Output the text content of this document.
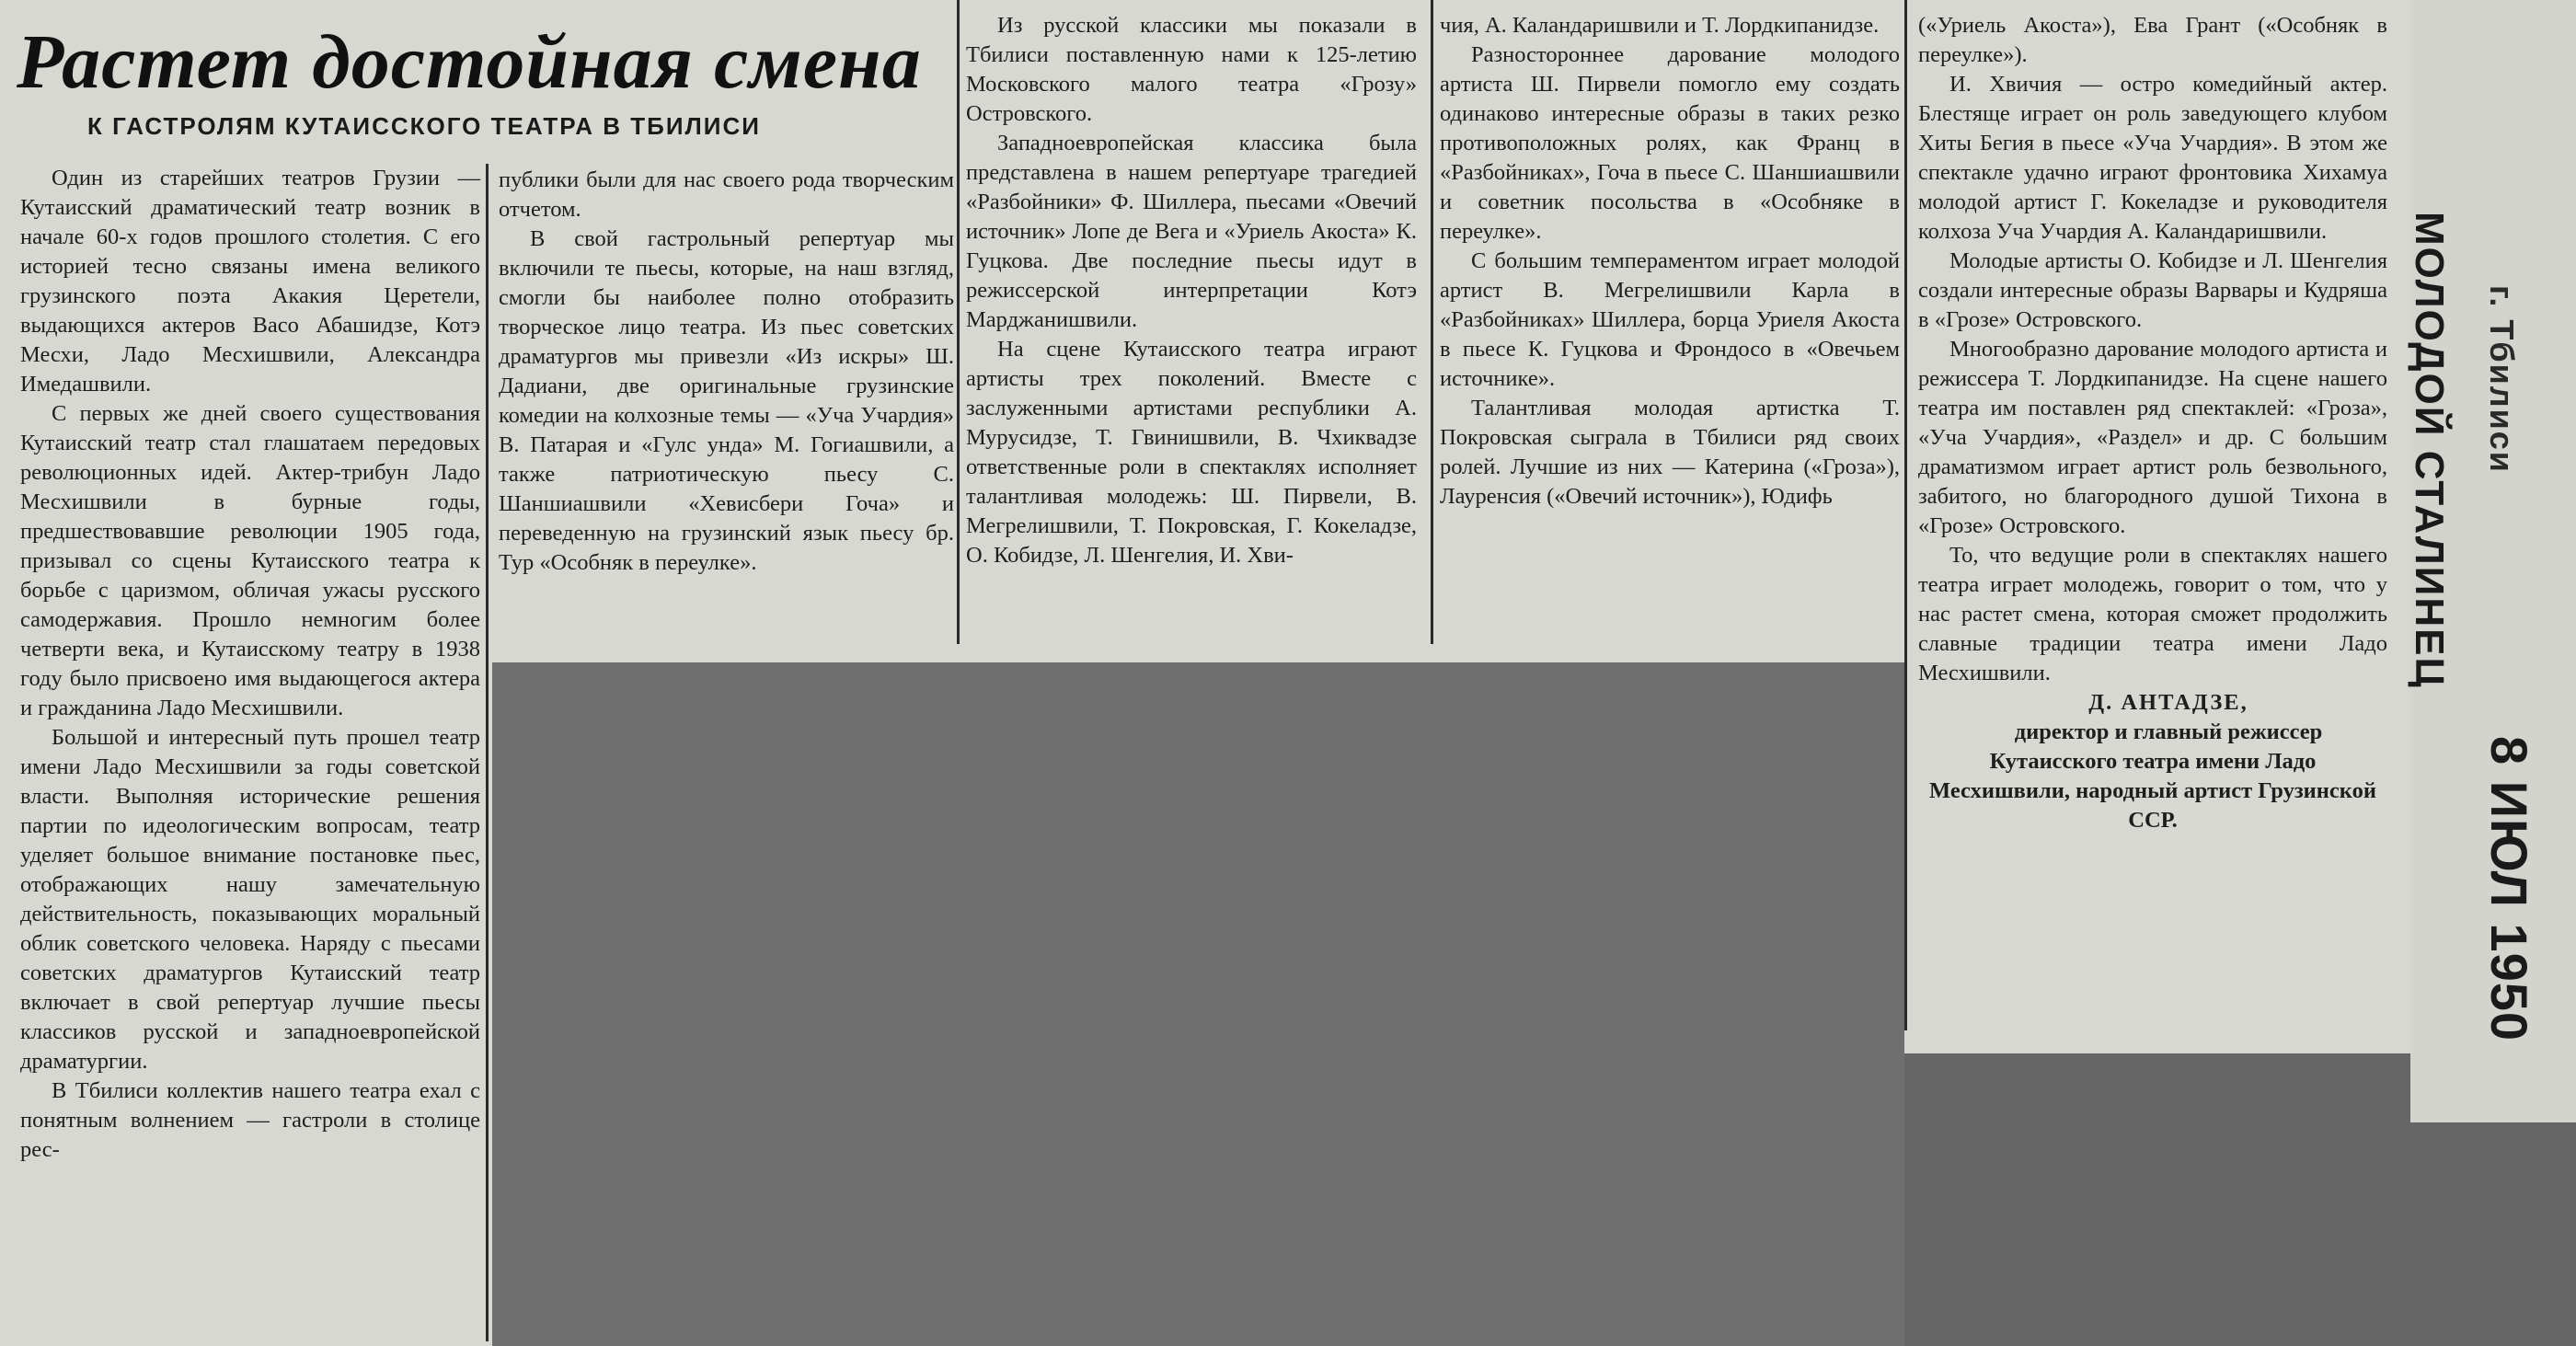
Растет достойная смена
К ГАСТРОЛЯМ КУТАИССКОГО ТЕАТРА В ТБИЛИСИ

Один из старейших театров Грузии — Кутаисский драматический театр возник в начале 60-х годов прошлого столетия. С его историей тесно связаны имена великого грузинского поэта Акакия Церетели, выдающихся актеров Васо Абашидзе, Котэ Месхи, Ладо Месхишвили, Александра Имедашвили.

С первых же дней своего существования Кутаисский театр стал глашатаем передовых революционных идей. Актер-трибун Ладо Месхишвили в бурные годы, предшествовавшие революции 1905 года, призывал со сцены Кутаисского театра к борьбе с царизмом, обличая ужасы русского самодержавия. Прошло немногим более четверти века, и Кутаисскому театру в 1938 году было присвоено имя выдающегося актера и гражданина Ладо Месхишвили.

Большой и интересный путь прошел театр имени Ладо Месхишвили за годы советской власти. Выполняя исторические решения партии по идеологическим вопросам, театр уделяет большое внимание постановке пьес, отображающих нашу замечательную действительность, показывающих моральный облик советского человека. Наряду с пьесами советских драматургов Кутаисский театр включает в свой репертуар лучшие пьесы классиков русской и западноевропейской драматургии.

В Тбилиси коллектив нашего театра ехал с понятным волнением — гастроли в столице рес-

публики были для нас своего рода творческим отчетом.

В свой гастрольный репертуар мы включили те пьесы, которые, на наш взгляд, смогли бы наиболее полно отобразить творческое лицо театра. Из пьес советских драматургов мы привезли «Из искры» Ш. Дадиани, две оригинальные грузинские комедии на колхозные темы — «Уча Учардия» В. Патарая и «Гулс унда» М. Гогиашвили, а также патриотическую пьесу С. Шаншиашвили «Хевисбери Гоча» и переведенную на грузинский язык пьесу бр. Тур «Особняк в переулке».

Из русской классики мы показали в Тбилиси поставленную нами к 125-летию Московского малого театра «Грозу» Островского.

Западноевропейская классика была представлена в нашем репертуаре трагедией «Разбойники» Ф. Шиллера, пьесами «Овечий источник» Лопе де Вега и «Уриель Акоста» К. Гуцкова. Две последние пьесы идут в режиссерской интерпретации Котэ Марджанишвили.

На сцене Кутаисского театра играют артисты трех поколений. Вместе с заслуженными артистами республики А. Мурусидзе, Т. Гвинишвили, В. Чхиквадзе ответственные роли в спектаклях исполняет талантливая молодежь: Ш. Пирвели, В. Мегрелишвили, Т. Покровская, Г. Кокеладзе, О. Кобидзе, Л. Шенгелия, И. Хви-

чия, А. Каландаришвили и Т. Лордкипанидзе.

Разностороннее дарование молодого артиста Ш. Пирвели помогло ему создать одинаково интересные образы в таких резко противоположных ролях, как Франц в «Разбойниках», Гоча в пьесе С. Шаншиашвили и советник посольства в «Особняке в переулке».

С большим темпераментом играет молодой артист В. Мегрелишвили Карла в «Разбойниках» Шиллера, борца Уриеля Акоста в пьесе К. Гуцкова и Фрондосо в «Овечьем источнике».

Талантливая молодая артистка Т. Покровская сыграла в Тбилиси ряд своих ролей. Лучшие из них — Катерина («Гроза»), Лауренсия («Овечий источник»), Юдифь

(«Уриель Акоста»), Ева Грант («Особняк в переулке»).

И. Хвичия — остро комедийный актер. Блестяще играет он роль заведующего клубом Хиты Бегия в пьесе «Уча Учардия». В этом же спектакле удачно играют фронтовика Хихамуа молодой артист Г. Кокеладзе и руководителя колхоза Уча Учардия А. Каландаришвили.

Молодые артисты О. Кобидзе и Л. Шенгелия создали интересные образы Варвары и Кудряша в «Грозе» Островского.

Многообразно дарование молодого артиста и режиссера Т. Лордкипанидзе. На сцене нашего театра им поставлен ряд спектаклей: «Гроза», «Уча Учардия», «Раздел» и др. С большим драматизмом играет артист роль безвольного, забитого, но благородного душой Тихона в «Грозе» Островского.

То, что ведущие роли в спектаклях нашего театра играет молодежь, говорит о том, что у нас растет смена, которая сможет продолжить славные традиции театра имени Ладо Месхишвили.

Д. АНТАДЗЕ,

директор и главный режиссер Кутаисского театра имени Ладо Месхишвили, народный артист Грузинской ССР.

МОЛОДОЙ СТАЛИНЕЦ г. Тбилиси
8 ИЮЛ 1950
